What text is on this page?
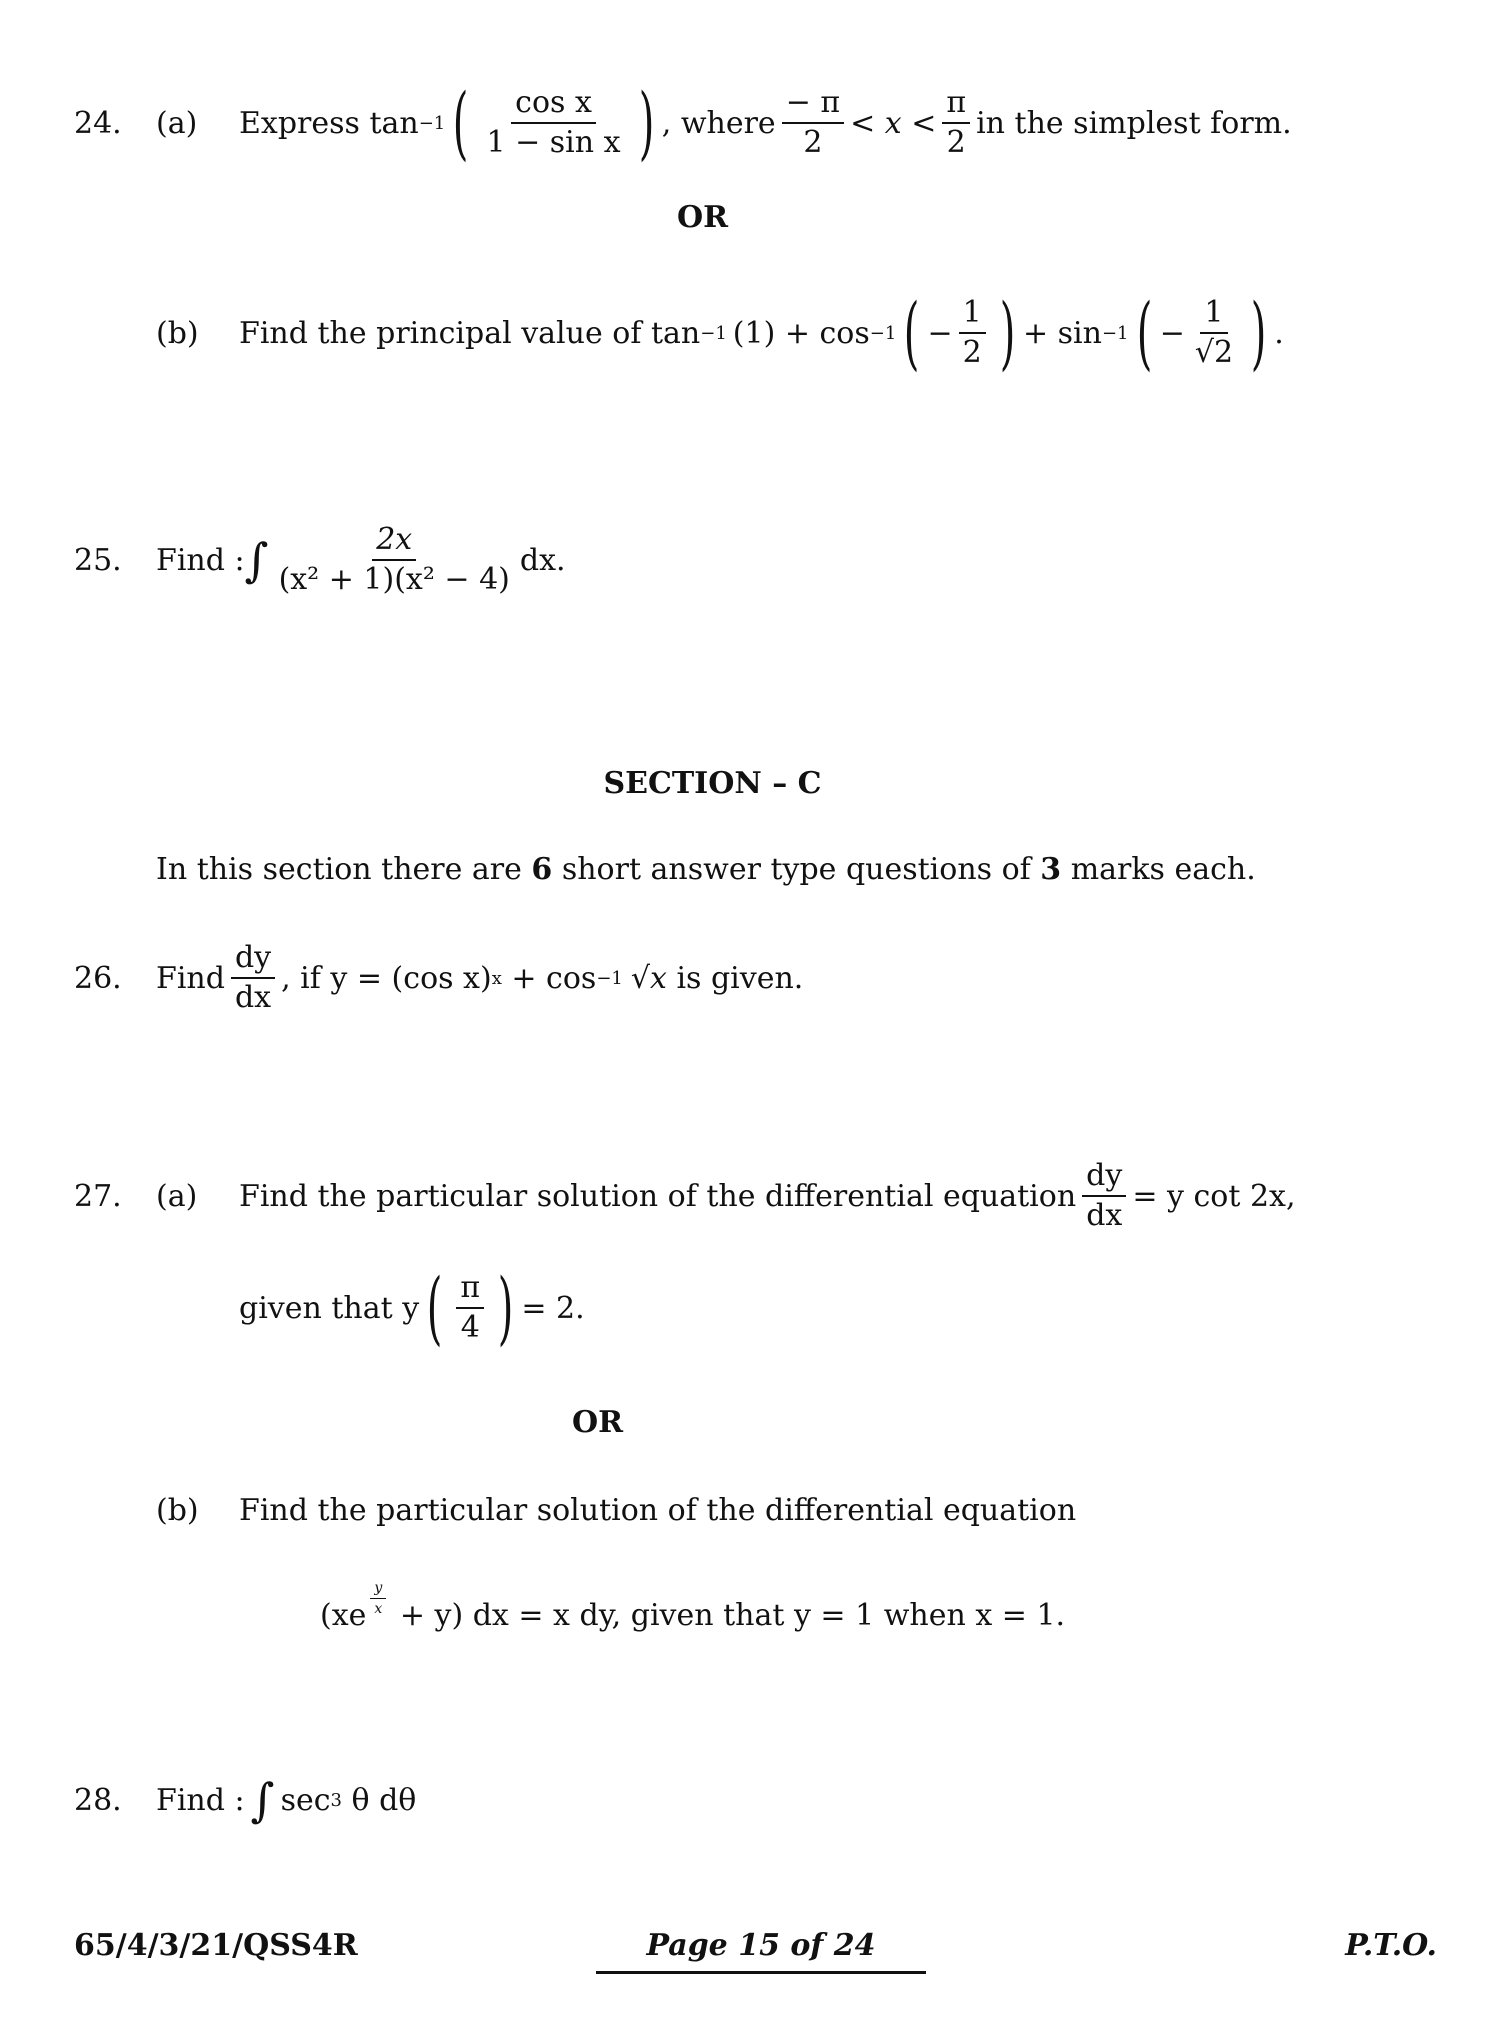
24. (a) Express tan −1 ( $\frac{\text{cos x}}{\text{1 − sin x}}$ ) , where $\frac{- \pi}{2} < x < \frac{\pi}{2}$ in the simplest form.
OR
(b) Find the principal value of tan −1 (1) + cos −1 ( − $\frac{1}{2}$ ) + sin −1 ( − $\frac{1}{√2}$ ) .
25. Find : ∫ $\frac{2x}{\text{(x² + 1)(x² − 4)}}$ dx.
SECTION – C
In this section there are 6 short answer type questions of 3 marks each.
26. Find $\frac{dy}{dx}$ , if y = (cos x) x + cos −1 √x is given.
27. (a) Find the particular solution of the differential equation $\frac{dy}{dx} = y$ cot 2x,
given that y ( $\frac{\pi}{4}$ ) = 2.
OR
(b) Find the particular solution of the differential equation
$(xe \frac{y}{x} + y)$ dx = x dy, given that y = 1 when x = 1.
28. Find : ∫ sec 3 θ dθ
65/4/3/21/QSS4R	Page 15 of 24	P.T.O.
